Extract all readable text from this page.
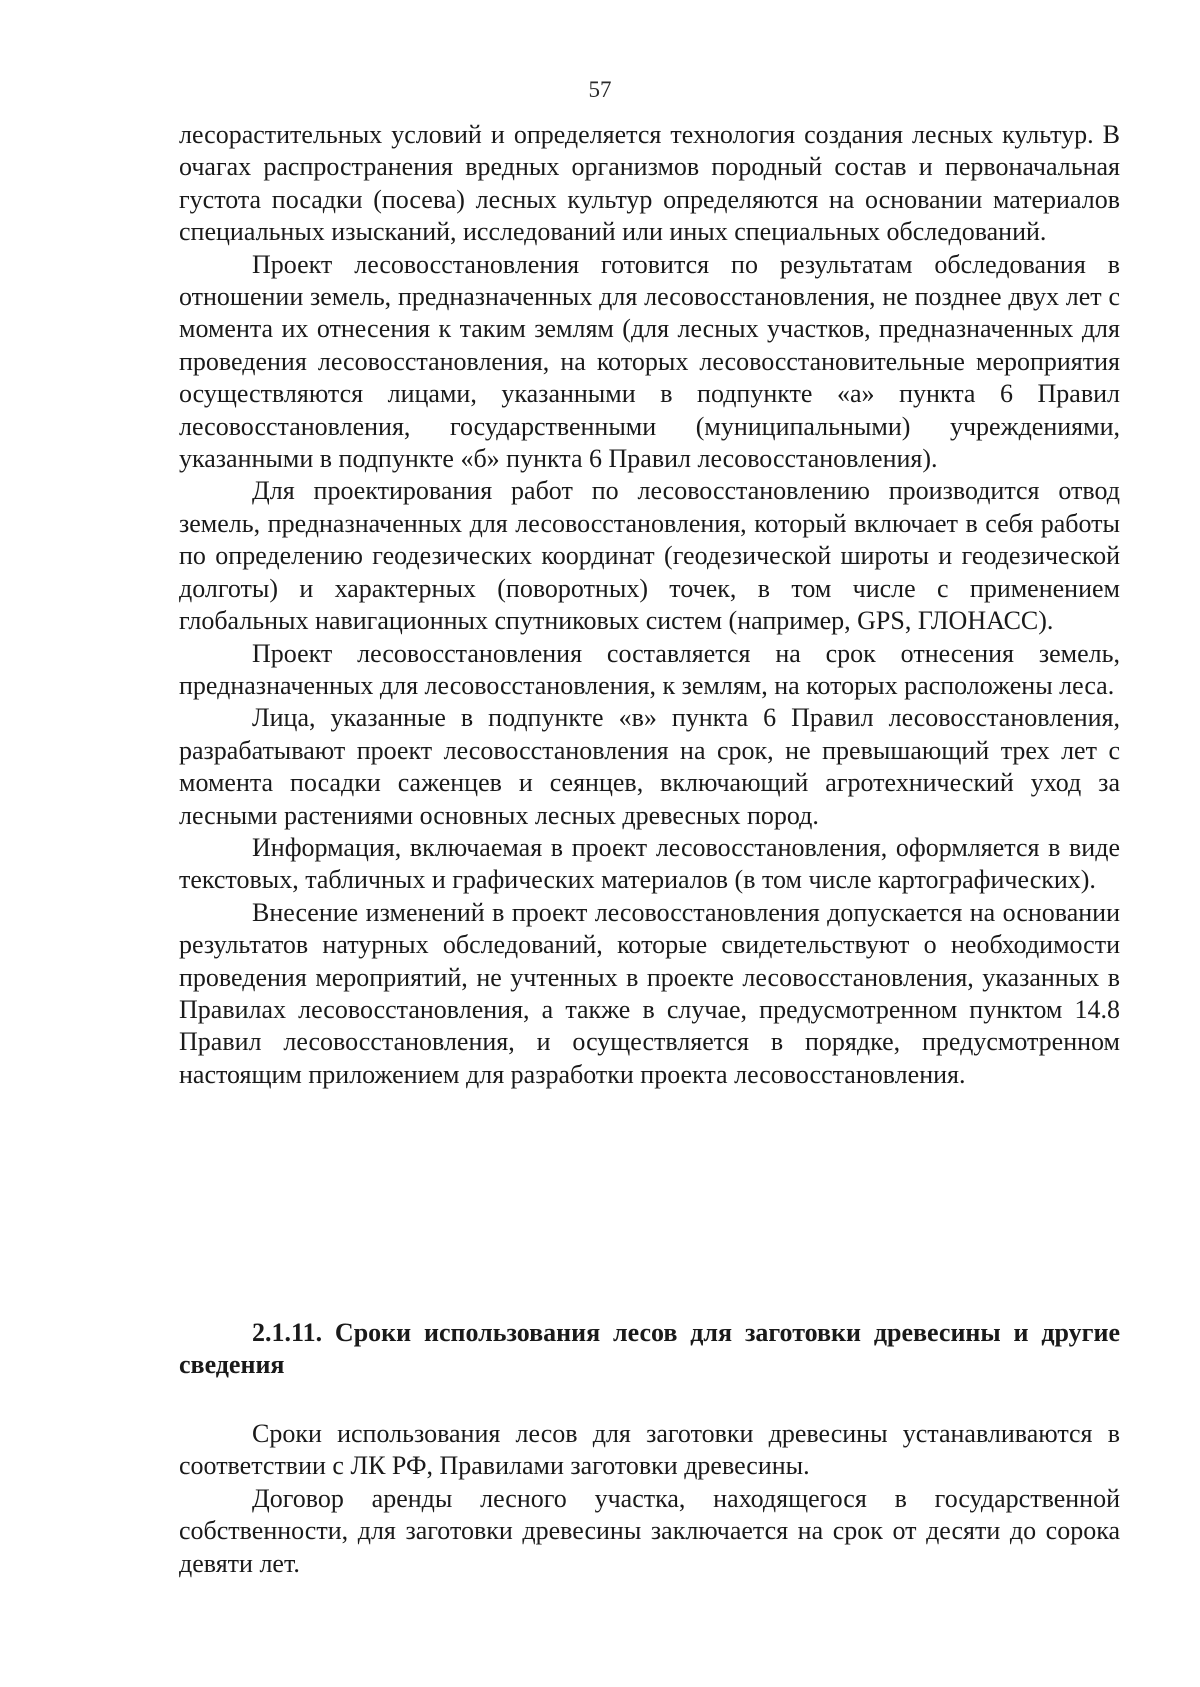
57

лесорастительных условий и определяется технология создания лесных культур. В очагах распространения вредных организмов породный состав и первоначальная густота посадки (посева) лесных культур определяются на основании материалов специальных изысканий, исследований или иных специальных обследований.

Проект лесовосстановления готовится по результатам обследования в отношении земель, предназначенных для лесовосстановления, не позднее двух лет с момента их отнесения к таким землям (для лесных участков, предназначенных для проведения лесовосстановления, на которых лесовосстановительные мероприятия осуществляются лицами, указанными в подпункте «а» пункта 6 Правил лесовосстановления, государственными (муниципальными) учреждениями, указанными в подпункте «б» пункта 6 Правил лесовосстановления).

Для проектирования работ по лесовосстановлению производится отвод земель, предназначенных для лесовосстановления, который включает в себя работы по определению геодезических координат (геодезической широты и геодезической долготы) и характерных (поворотных) точек, в том числе с применением глобальных навигационных спутниковых систем (например, GPS, ГЛОНАСС).

Проект лесовосстановления составляется на срок отнесения земель, предназначенных для лесовосстановления, к землям, на которых расположены леса.

Лица, указанные в подпункте «в» пункта 6 Правил лесовосстановления, разрабатывают проект лесовосстановления на срок, не превышающий трех лет с момента посадки саженцев и сеянцев, включающий агротехнический уход за лесными растениями основных лесных древесных пород.

Информация, включаемая в проект лесовосстановления, оформляется в виде текстовых, табличных и графических материалов (в том числе картографических).

Внесение изменений в проект лесовосстановления допускается на основании результатов натурных обследований, которые свидетельствуют о необходимости проведения мероприятий, не учтенных в проекте лесовосстановления, указанных в Правилах лесовосстановления, а также в случае, предусмотренном пунктом 14.8 Правил лесовосстановления, и осуществляется в порядке, предусмотренном настоящим приложением для разработки проекта лесовосстановления.

2.1.11. Сроки использования лесов для заготовки древесины и другие сведения

Сроки использования лесов для заготовки древесины устанавливаются в соответствии с ЛК РФ, Правилами заготовки древесины.

Договор аренды лесного участка, находящегося в государственной собственности, для заготовки древесины заключается на срок от десяти до сорока девяти лет.
